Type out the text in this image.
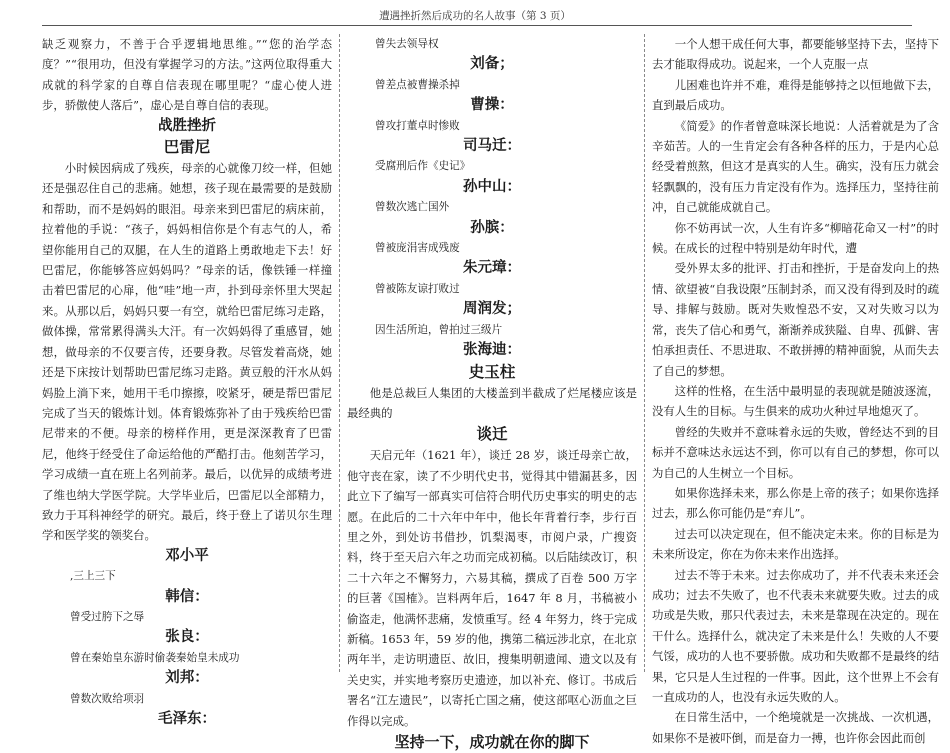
遭遇挫折然后成功的名人故事（第 3 页）

缺乏观察力，不善于合乎逻辑地思维。”“您的治学态度？”“很用功，但没有掌握学习的方法。”这两位取得重大成就的科学家的自尊自信表现在哪里呢？“虚心使人进步，骄傲使人落后”，虚心是自尊自信的表现。

战胜挫折
巴雷尼

小时候因病成了残疾，母亲的心就像刀绞一样，但她还是强忍住自己的悲痛。她想，孩子现在最需要的是鼓励和帮助，而不是妈妈的眼泪。母亲来到巴雷尼的病床前，拉着他的手说：“孩子，妈妈相信你是个有志气的人，希望你能用自己的双腿，在人生的道路上勇敢地走下去！好巴雷尼，你能够答应妈妈吗？”母亲的话，像铁锤一样撞击着巴雷尼的心扉，他“哇”地一声，扑到母亲怀里大哭起来。从那以后，妈妈只要一有空，就给巴雷尼练习走路，做体操，常常累得满头大汗。有一次妈妈得了重感冒，她想，做母亲的不仅要言传，还要身教。尽管发着高烧，她还是下床按计划帮助巴雷尼练习走路。黄豆般的汗水从妈妈脸上淌下来，她用干毛巾擦擦，咬紧牙，硬是帮巴雷尼完成了当天的锻炼计划。体育锻炼弥补了由于残疾给巴雷尼带来的不便。母亲的榜样作用，更是深深教育了巴雷尼，他终于经受住了命运给他的严酷打击。他刻苦学习，学习成绩一直在班上名列前茅。最后，以优异的成绩考进了维也纳大学医学院。大学毕业后，巴雷尼以全部精力，致力于耳科神经学的研究。最后，终于登上了诺贝尔生理学和医学奖的领奖台。

邓小平
,三上三下
韩信：
曾受过胯下之辱
张良：
曾在秦始皇东游时偷袭秦始皇未成功
刘邦：
曾数次败给项羽
毛泽东：
曾失去领导权
刘备；
曾差点被曹操杀掉
曹操：
曾攻打董卓时惨败
司马迁：
受腐刑后作《史记》
孙中山：
曾数次逃亡国外
孙膑：
曾被庞涓害成残废
朱元璋：
曾被陈友谅打败过
周润发；
因生活所迫，曾拍过三级片
张海迪：
史玉柱

他是总裁巨人集团的大楼盖到半截成了烂尾楼应该是最经典的

谈迁

天启元年（1621 年），谈迁 28 岁，谈迁母亲亡故，他守丧在家，读了不少明代史书，觉得其中错漏甚多，因此立下了编写一部真实可信符合明代历史事实的明史的志愿。在此后的二十六年中年中，他长年背着行李，步行百里之外，到处访书借抄，饥梨渴枣，市阅户录，广搜资料，终于至天启六年之功而完成初稿。以后陆续改订，积二十六年之不懈努力，六易其稿，撰成了百卷 500 万字的巨著《国榷》。岂料两年后，1647 年 8 月，书稿被小偷盗走，他满怀悲痛，发愤重写。经 4 年努力，终于完成新稿。1653 年，59 岁的他，携第二稿远涉北京，在北京两年半，走访明遗臣、故旧，搜集明朝遗闻、遗文以及有关史实，并实地考察历史遗迹，加以补充、修订。书成后署名“江左遗民”，以寄托亡国之痛，使这部呕心沥血之巨作得以完成。

坚持一下，成功就在你的脚下

一个人想干成任何大事，都要能够坚持下去，坚持下去才能取得成功。说起来，一个人克服一点

儿困难也许并不难，难得是能够持之以恒地做下去，直到最后成功。

《简爱》的作者曾意味深长地说：人活着就是为了含辛茹苦。人的一生肯定会有各种各样的压力，于是内心总经受着煎熬，但这才是真实的人生。确实，没有压力就会轻飘飘的，没有压力肯定没有作为。选择压力，坚持往前冲，自己就能成就自己。

你不妨再试一次，人生有许多“柳暗花命又一村”的时候。在成长的过程中特别是幼年时代，遭

受外界太多的批评、打击和挫折，于是奋发向上的热情、欲望被“自我设限”压制封杀，而又没有得到及时的疏导、排解与鼓励。既对失败惶恐不安，又对失败习以为常，丧失了信心和勇气，渐渐养成狭隘、自卑、孤僻、害怕承担责任、不思进取、不敢拼搏的精神面貌，从而失去了自己的梦想。

这样的性格，在生活中最明显的表现就是随波逐流，没有人生的目标。与生俱来的成功火种过早地熄灭了。

曾经的失败并不意味着永远的失败，曾经达不到的目标并不意味达永远达不到，你可以有自己的梦想，你可以为自己的人生树立一个目标。

如果你选择未来，那么你是上帝的孩子；如果你选择过去，那么你可能仍是“弃儿”。

过去可以决定现在，但不能决定未来。你的目标是为未来所设定，你在为你未来作出选择。

过去不等于未来。过去你成功了，并不代表未来还会成功；过去不失败了，也不代表未来就要失败。过去的成功或是失败，那只代表过去，未来是靠现在决定的。现在干什么。选择什么，就决定了未来是什么！失败的人不要气馁，成功的人也不要骄傲。成功和失败都不是最终的结果，它只是人生过程的一件事。因此，这个世界上不会有一直成功的人，也没有永远失败的人。

在日常生活中，一个绝境就是一次挑战、一次机遇，如果你不是被吓倒，而是奋力一搏，也许你会因此而创
